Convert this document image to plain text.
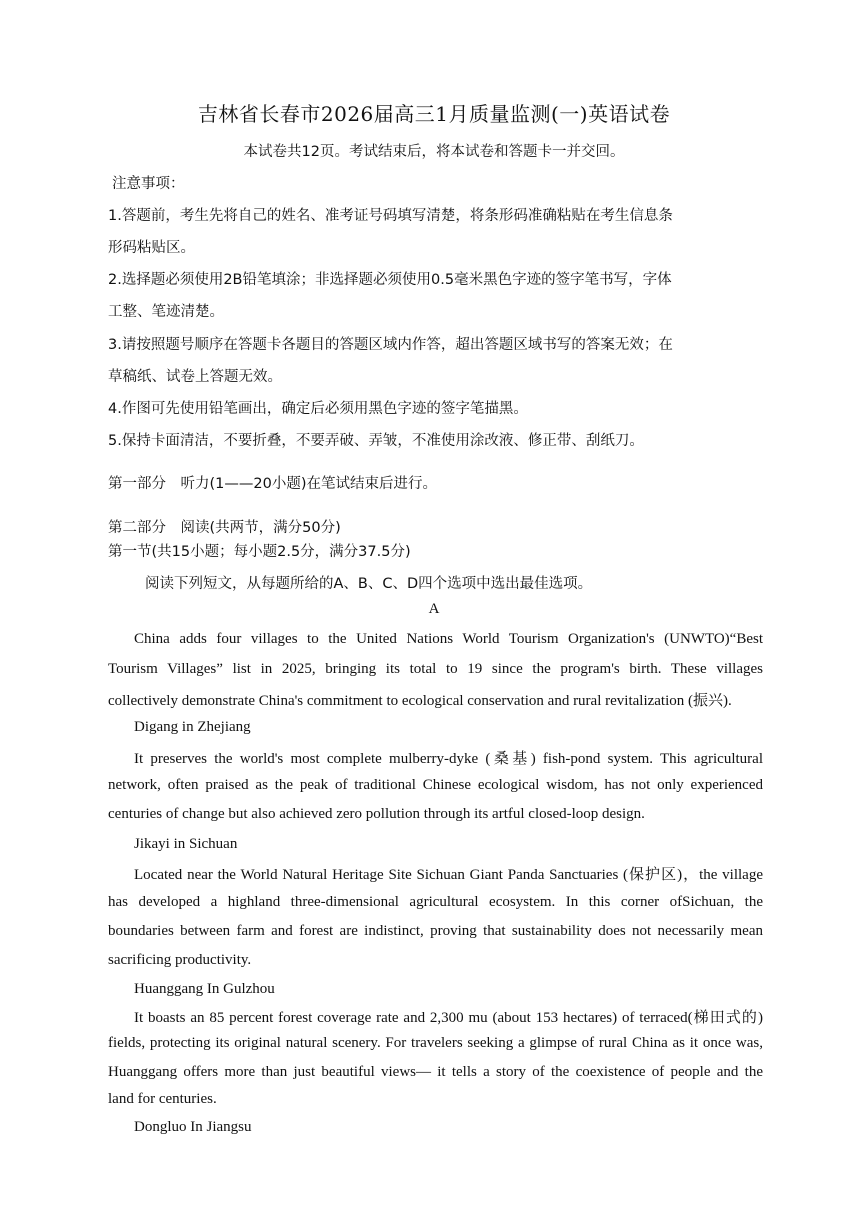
吉林省长春市2026届高三1月质量监测(一)英语试卷
本试卷共12页。考试结束后，将本试卷和答题卡一并交回。
注意事项：
1.答题前，考生先将自己的姓名、准考证号码填写清楚，将条形码准确粘贴在考生信息条
形码粘贴区。
2.选择题必须使用2B铅笔填涂；非选择题必须使用0.5毫米黑色字迹的签字笔书写，字体
工整、笔迹清楚。
3.请按照题号顺序在答题卡各题目的答题区域内作答，超出答题区域书写的答案无效；在
草稿纸、试卷上答题无效。
4.作图可先使用铅笔画出，确定后必须用黑色字迹的签字笔描黑。
5.保持卡面清洁，不要折叠，不要弄破、弄皱，不准使用涂改液、修正带、刮纸刀。
第一部分　听力(1——20小题)在笔试结束后进行。
第二部分　阅读(共两节，满分50分)
第一节(共15小题；每小题2.5分，满分37.5分)
阅读下列短文，从每题所给的A、B、C、D四个选项中选出最佳选项。
A
China adds four villages to the United Nations World Tourism Organization's (UNWTO)“Best
Tourism Villages” list in 2025, bringing its total to 19 since the program's birth. These villages
collectively demonstrate China's commitment to ecological conservation and rural revitalization (振兴).
Digang in Zhejiang
It preserves the world's most complete mulberry-dyke (桑基) fish-pond system. This agricultural
network, often praised as the peak of traditional Chinese ecological wisdom, has not only experienced
centuries of change but also achieved zero pollution through its artful closed-loop design.
Jikayi in Sichuan
Located near the World Natural Heritage Site Sichuan Giant Panda Sanctuaries (保护区)，the village
has developed a highland three-dimensional agricultural ecosystem. In this corner ofSichuan, the
boundaries between farm and forest are indistinct, proving that sustainability does not necessarily mean
sacrificing productivity.
Huanggang In Gulzhou
It boasts an 85 percent forest coverage rate and 2,300 mu (about 153 hectares) of terraced(梯田式的)
fields, protecting its original natural scenery. For travelers seeking a glimpse of rural China as it once was,
Huanggang offers more than just beautiful views— it tells a story of the coexistence of people and the
land for centuries.
Dongluo In Jiangsu
